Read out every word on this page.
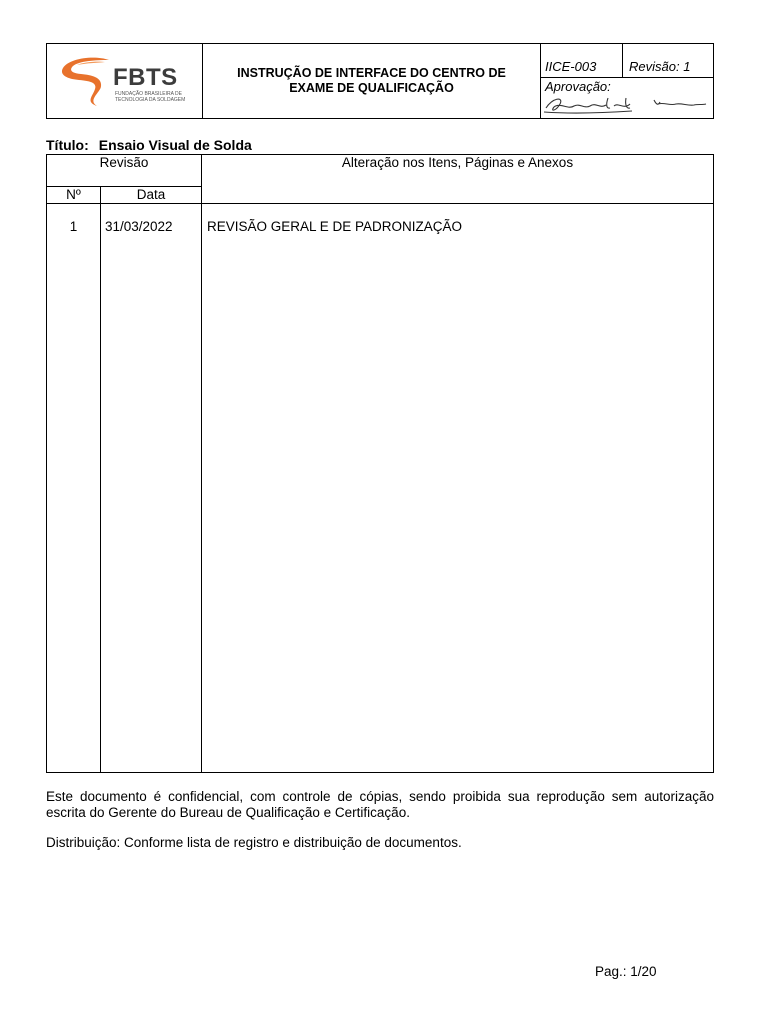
FBTS
FUNDAÇÃO BRASILEIRA DE
TECNOLOGIA DA SOLDAGEM
INSTRUÇÃO DE INTERFACE DO CENTRO DE
EXAME DE QUALIFICAÇÃO
IICE-003	Revisão: 1
Aprovação:
Título: Ensaio Visual de Solda
Revisão	Alteração nos Itens, Páginas e Anexos
Nº	Data
1	31/03/2022	REVISÃO GERAL E DE PADRONIZAÇÃO
Este documento é confidencial, com controle de cópias, sendo proibida sua reprodução sem autorização escrita do Gerente do Bureau de Qualificação e Certificação.
Distribuição: Conforme lista de registro e distribuição de documentos.
Pag.: 1/20
